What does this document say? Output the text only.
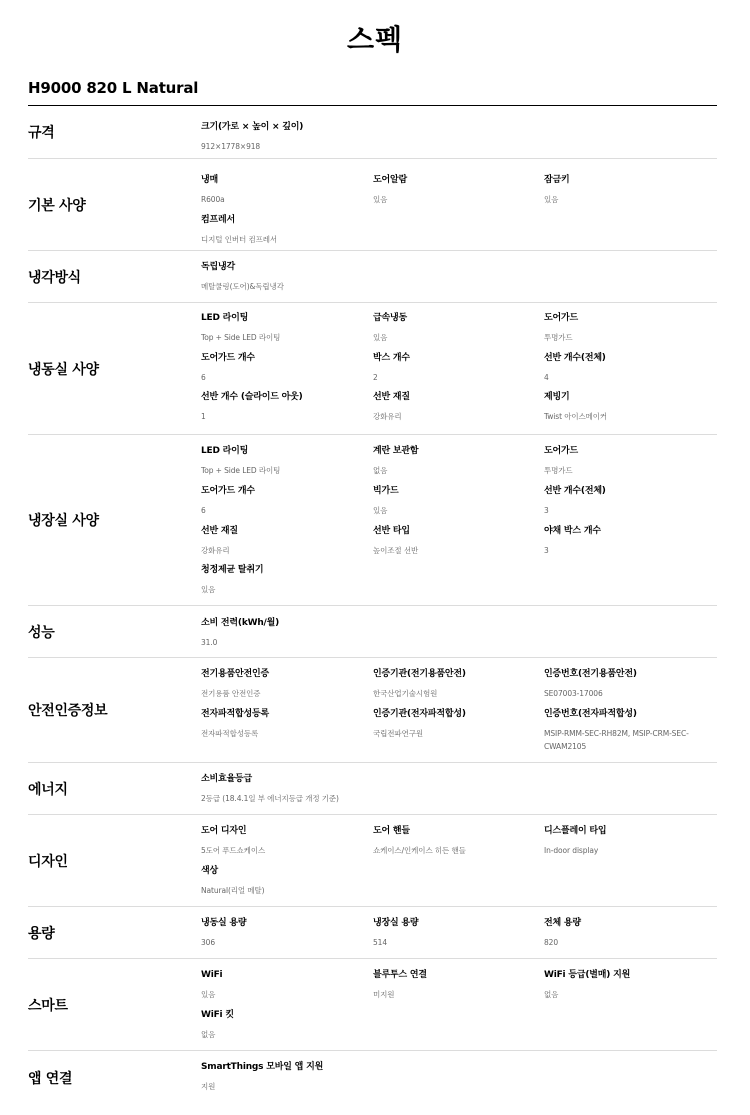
스펙
H9000 820 L Natural
규격	크기(가로 × 높이 × 깊이)
912×1778×918
기본 사양
냉매
R600a
도어알람
있음
잠금키
있음
컴프레서
디지털 인버터 컴프레서
냉각방식
독립냉각
메탈쿨링(도어)&독립냉각
냉동실 사양
LED 라이팅
Top + Side LED 라이팅
급속냉동
있음
도어가드
투명가드
도어가드 개수
6
박스 개수
2
선반 개수(전체)
4
선반 개수 (슬라이드 아웃)
1
선반 재질
강화유리
제빙기
Twist 아이스메이커
냉장실 사양
LED 라이팅
Top + Side LED 라이팅
계란 보관함
없음
도어가드
투명가드
도어가드 개수
6
빅가드
있음
선반 개수(전체)
3
선반 재질
강화유리
선반 타입
높이조절 선반
야채 박스 개수
3
청정제균 탈취기
있음
성능
소비 전력(kWh/월)
31.0
안전인증정보
전기용품안전인증
전기용품 안전인증
인증기관(전기용품안전)
한국산업기술시험원
인증번호(전기용품안전)
SE07003-17006
전자파적합성등록
전자파적합성등록
인증기관(전자파적합성)
국립전파연구원
인증번호(전자파적합성)
MSIP-RMM-SEC-RH82M, MSIP-CRM-SEC-CWAM2105
에너지
소비효율등급
2등급 (18.4.1일 부 에너지등급 개정 기준)
디자인
도어 디자인
5도어 푸드쇼케이스
도어 핸들
쇼케이스/인케이스 히든 핸들
디스플레이 타입
In-door display
색상
Natural(리얼 메탈)
용량
냉동실 용량
306
냉장실 용량
514
전체 용량
820
스마트
WiFi
있음
블루투스 연결
미지원
WiFi 등급(별매) 지원
없음
WiFi 킷
없음
앱 연결
SmartThings 모바일 앱 지원
지원
